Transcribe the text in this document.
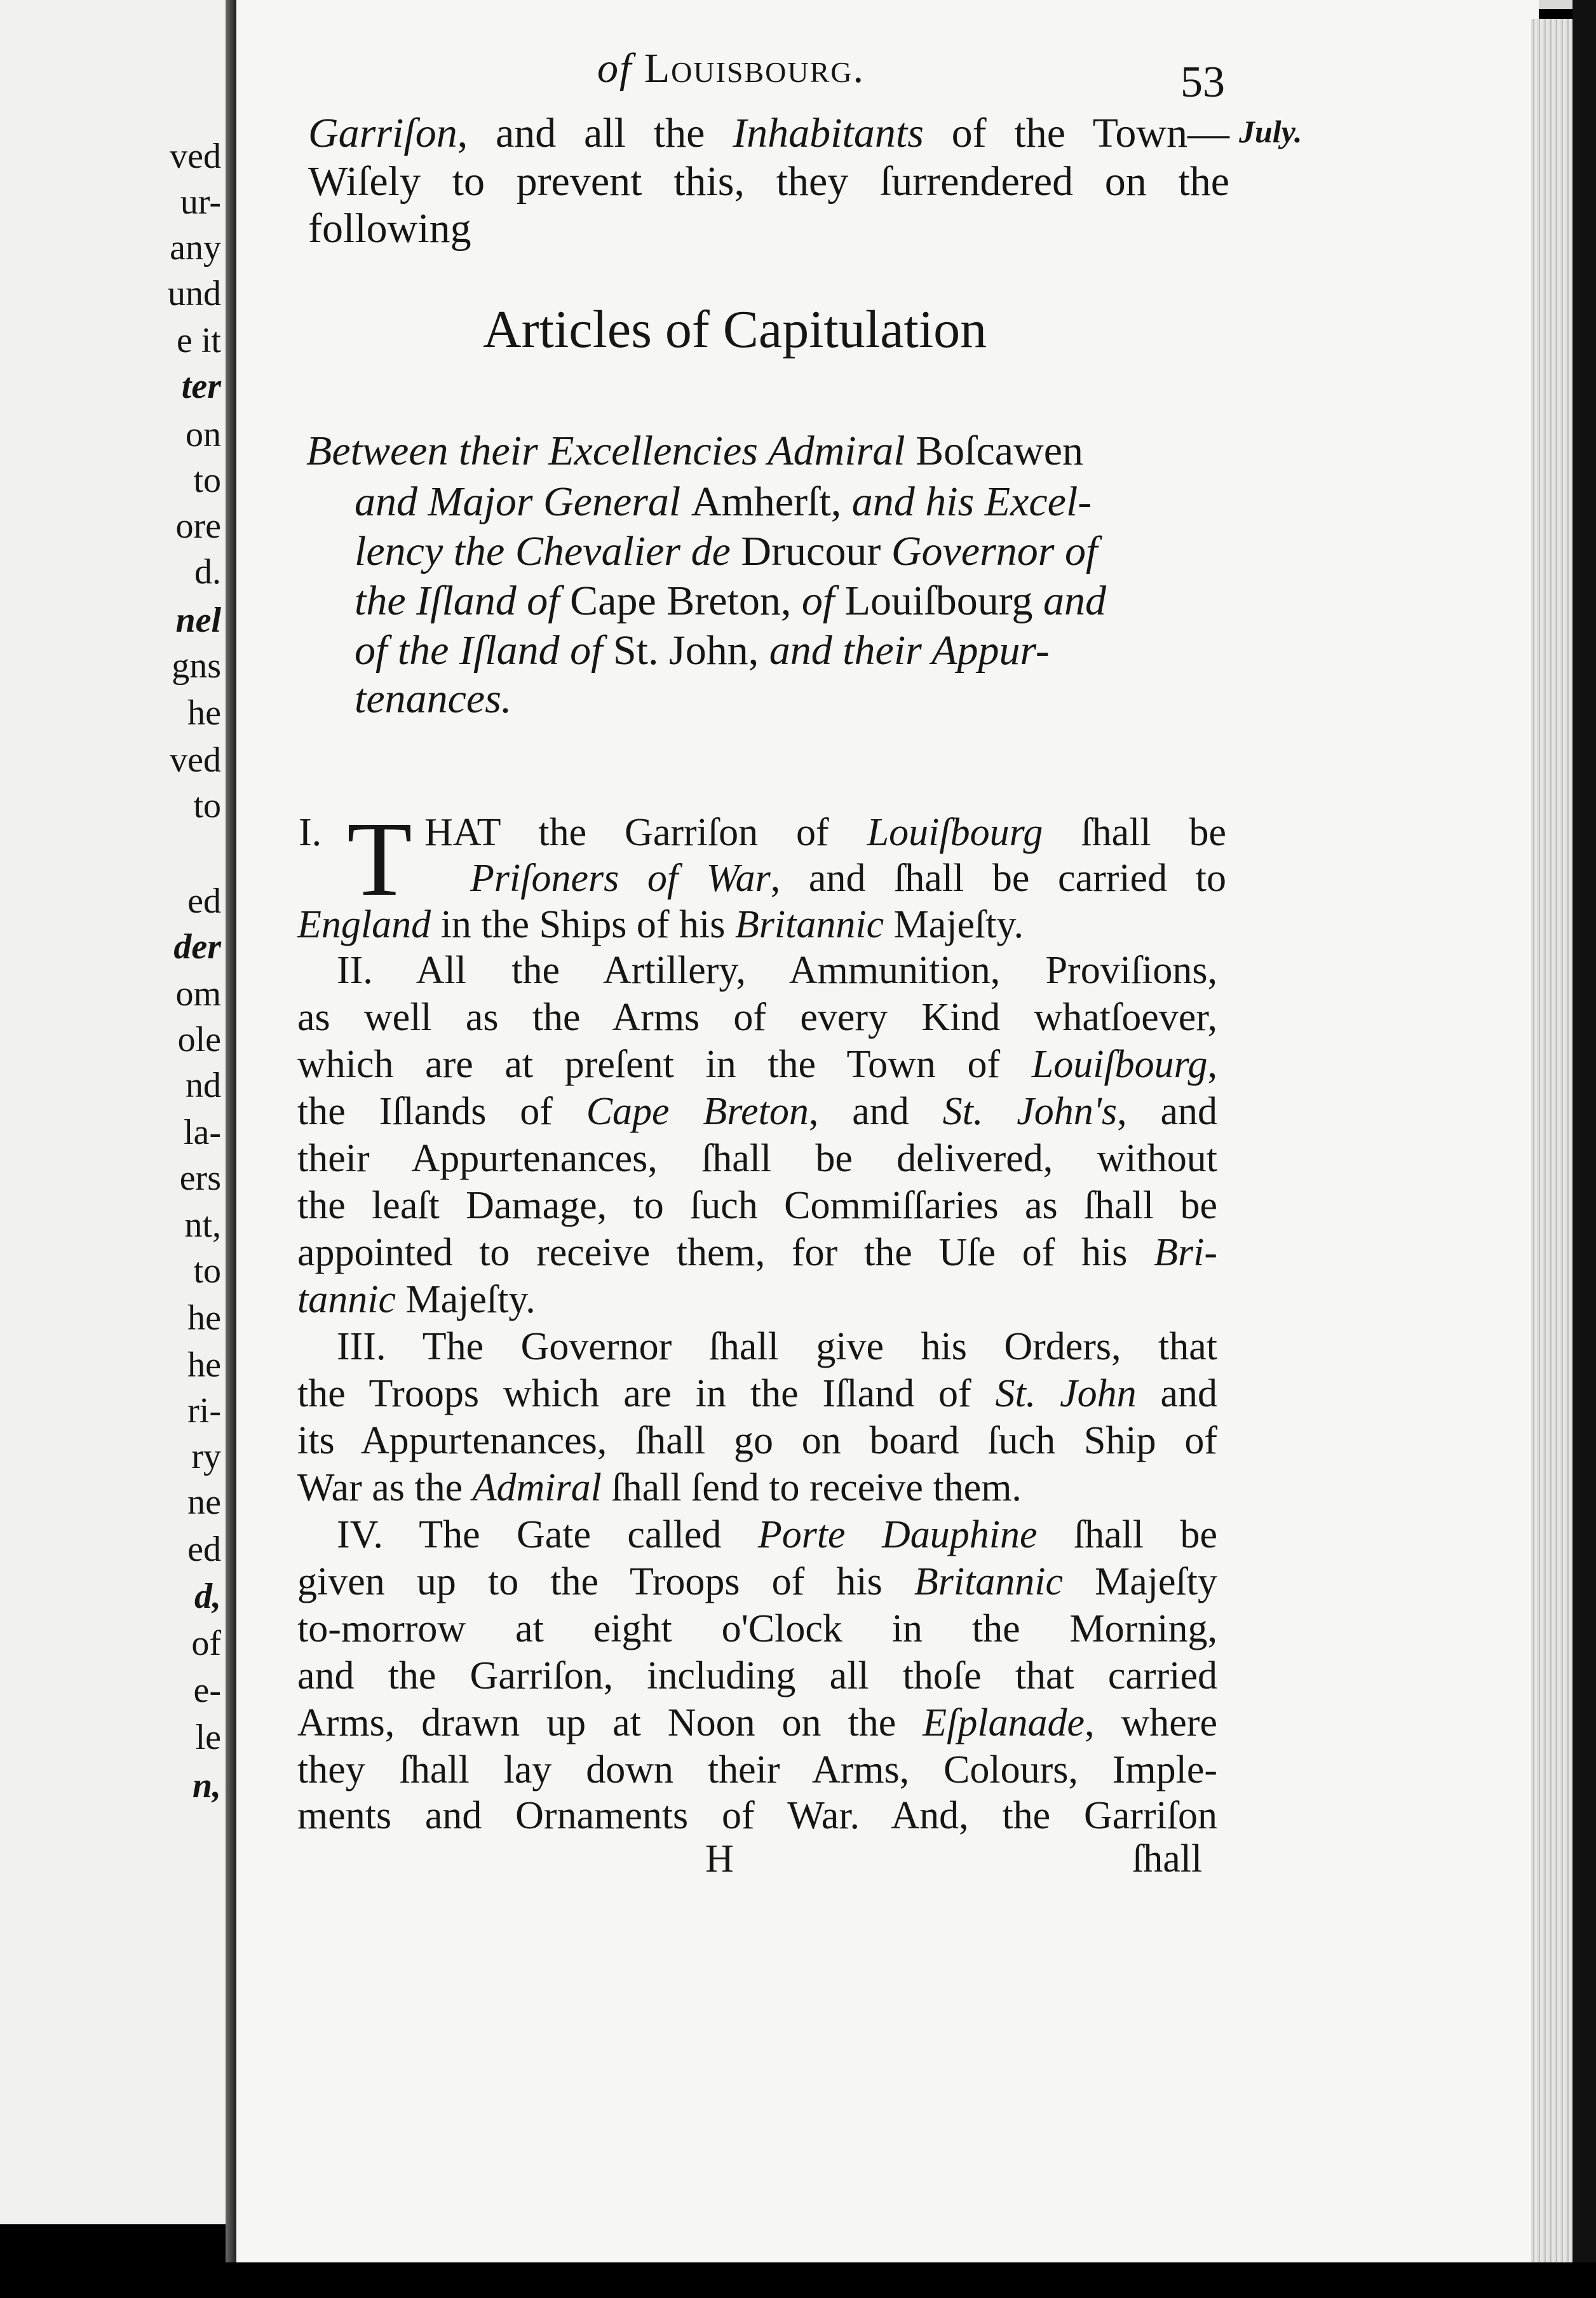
ved
ur-
any
und
e it
ter
on
to
ore
d.
nel
gns
he
ved
to
ed
der
om
ole
nd
la-
ers
nt,
to
he
he
ri-
ry
ne
ed
d,
of
e-
le
n,
of Louisbourg.	53
July.
Garriſon, and all the Inhabitants of the Town—
Wiſely to prevent this, they ſurrendered on the
following
Articles of Capitulation
Between their Excellencies Admiral Boſcawen
and Major General Amherſt, and his Excel-
lency the Chevalier de Drucour Governor of
the Iſland of Cape Breton, of Louiſbourg and
of the Iſland of St. John, and their Appur-
tenances.
I. T HAT the Garriſon of Louiſbourg ſhall be
Priſoners of War, and ſhall be carried to
England in the Ships of his Britannic Majeſty.
II. All the Artillery, Ammunition, Proviſions,
as well as the Arms of every Kind whatſoever,
which are at preſent in the Town of Louiſbourg,
the Iſlands of Cape Breton, and St. John's, and
their Appurtenances, ſhall be delivered, without
the leaſt Damage, to ſuch Commiſſaries as ſhall be
appointed to receive them, for the Uſe of his Bri-
tannic Majeſty.
III. The Governor ſhall give his Orders, that
the Troops which are in the Iſland of St. John and
its Appurtenances, ſhall go on board ſuch Ship of
War as the Admiral ſhall ſend to receive them.
IV. The Gate called Porte Dauphine ſhall be
given up to the Troops of his Britannic Majeſty
to-morrow at eight o'Clock in the Morning,
and the Garriſon, including all thoſe that carried
Arms, drawn up at Noon on the Eſplanade, where
they ſhall lay down their Arms, Colours, Imple-
ments and Ornaments of War. And, the Garriſon
H	ſhall
